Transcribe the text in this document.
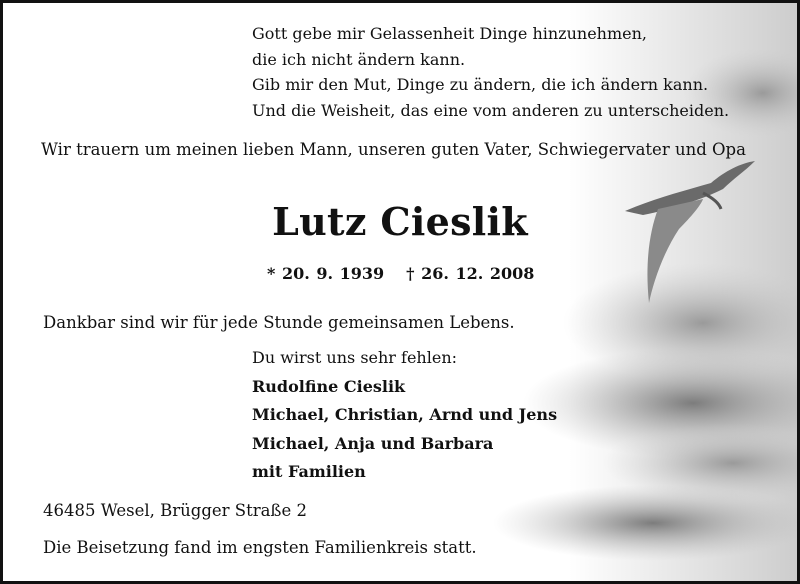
Gott gebe mir Gelassenheit Dinge hinzunehmen,
die ich nicht ändern kann.
Gib mir den Mut, Dinge zu ändern, die ich ändern kann.
Und die Weisheit, das eine vom anderen zu unterscheiden.
Wir trauern um meinen lieben Mann, unseren guten Vater, Schwiegervater und Opa
Lutz Cieslik
* 20. 9. 1939 † 26. 12. 2008
Dankbar sind wir für jede Stunde gemeinsamen Lebens.
Du wirst uns sehr fehlen:
Rudolfine Cieslik
Michael, Christian, Arnd und Jens
Michael, Anja und Barbara
mit Familien
46485 Wesel, Brügger Straße 2
Die Beisetzung fand im engsten Familienkreis statt.
